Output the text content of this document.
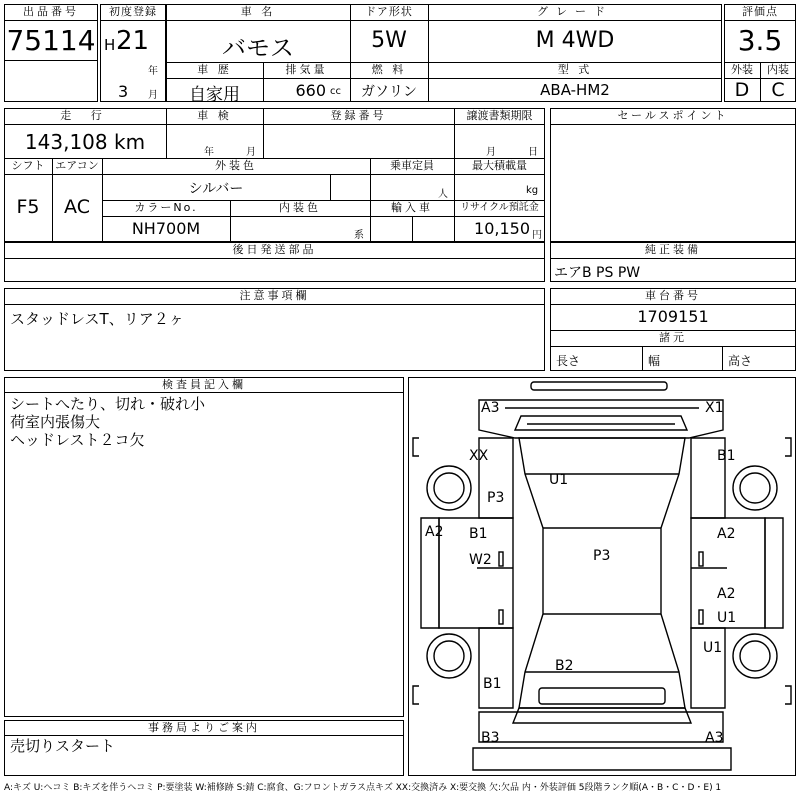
出品番号
75114
初度登録
H 21
年
3 月
車 名
バモス
ドア形状
5W
グレード
M 4WD
車 歴
自家用
排気量
660 cc
燃 料
ガソリン
型 式
ABA-HM2
評価点
3.5
外装	内装
D	C
走 行
143,108 km
車 検
年	月
登録番号	譲渡書類期限
月	日
シフト
F5
エアコン
AC
外装色
シルバー
乗車定員
人
最大積載量
kg
カラーNo.
NH700M
内装色
系
輸入車	リサイクル預託金
10,150 円
後日発送部品
セールスポイント
純正装備
エアB PS PW
注意事項欄
スタッドレスT、リア２ヶ
車台番号
1709151
諸元
長さ	幅	高さ
検査員記入欄
シートへたり、切れ・破れ小
荷室内張傷大
ヘッドレスト２コ欠
事務局よりご案内
売切りスタート
A3	X1
XX
U1
B1
P3
A2 B1
W2	P3
A2
A2
U1
U1
B2
B1
B3	A3
A:キズ U:ヘコミ B:キズを伴うヘコミ P:要塗装 W:補修跡 S:錆 C:腐食、G:フロントガラス点キズ XX:交換済み X:要交換 欠:欠品 内・外装評価 5段階ランク順(A・B・C・D・E) 1
